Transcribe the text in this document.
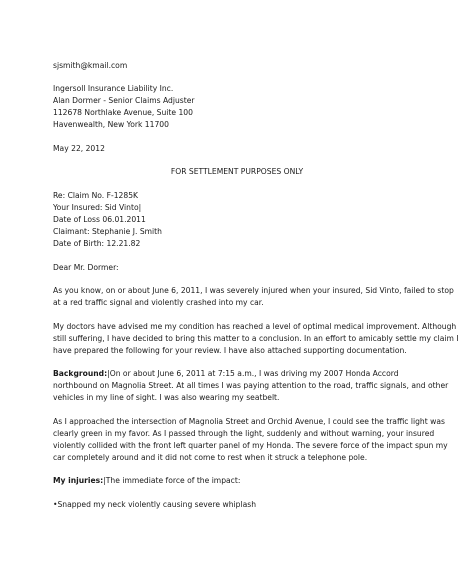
sjsmith@kmail.com
Ingersoll Insurance Liability Inc.
Alan Dormer - Senior Claims Adjuster
112678 Northlake Avenue, Suite 100
Havenwealth, New York 11700
May 22, 2012
FOR SETTLEMENT PURPOSES ONLY
Re: Claim No. F-1285K
Your Insured: Sid Vinto|
Date of Loss 06.01.2011
Claimant: Stephanie J. Smith
Date of Birth: 12.21.82
Dear Mr. Dormer:
As you know, on or about June 6, 2011, I was severely injured when your insured, Sid Vinto, failed to stop
at a red traffic signal and violently crashed into my car.
My doctors have advised me my condition has reached a level of optimal medical improvement. Although
still suffering, I have decided to bring this matter to a conclusion. In an effort to amicably settle my claim I
have prepared the following for your review. I have also attached supporting documentation.
Background:|On or about June 6, 2011 at 7:15 a.m., I was driving my 2007 Honda Accord
northbound on Magnolia Street. At all times I was paying attention to the road, traffic signals, and other
vehicles in my line of sight. I was also wearing my seatbelt.
As I approached the intersection of Magnolia Street and Orchid Avenue, I could see the traffic light was
clearly green in my favor. As I passed through the light, suddenly and without warning, your insured
violently collided with the front left quarter panel of my Honda. The severe force of the impact spun my
car completely around and it did not come to rest when it struck a telephone pole.
My injuries:|The immediate force of the impact:
•Snapped my neck violently causing severe whiplash
